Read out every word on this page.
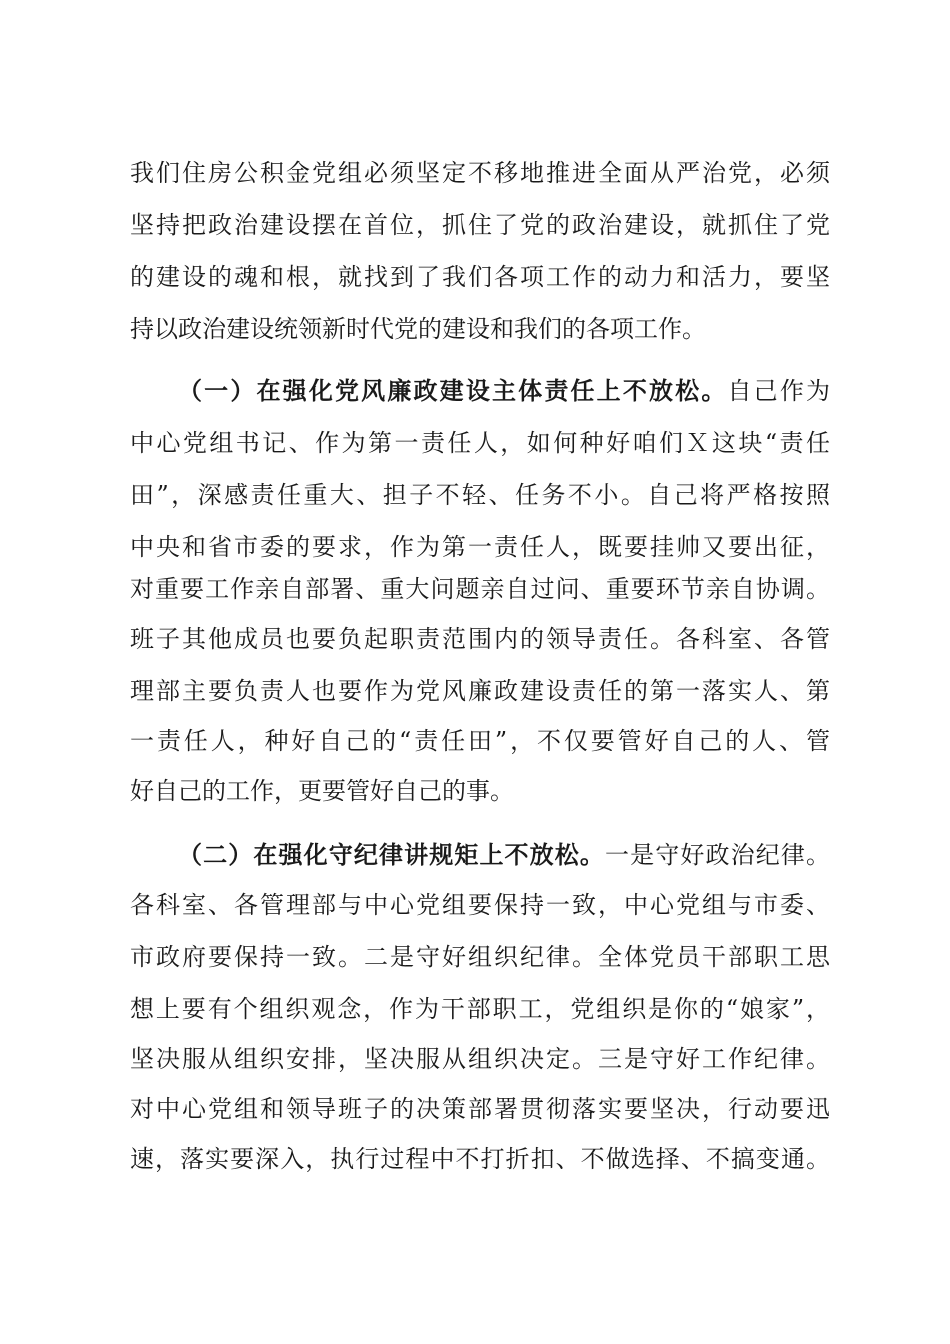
我们住房公积金党组必须坚定不移地推进全面从严治党，必须
坚持把政治建设摆在首位，抓住了党的政治建设，就抓住了党
的建设的魂和根，就找到了我们各项工作的动力和活力，要坚
持以政治建设统领新时代党的建设和我们的各项工作。
（一）在强化党风廉政建设主体责任上不放松。自己作为
中心党组书记、作为第一责任人，如何种好咱们Ｘ这块“责任
田”，深感责任重大、担子不轻、任务不小。自己将严格按照
中央和省市委的要求，作为第一责任人，既要挂帅又要出征，
对重要工作亲自部署、重大问题亲自过问、重要环节亲自协调。
班子其他成员也要负起职责范围内的领导责任。各科室、各管
理部主要负责人也要作为党风廉政建设责任的第一落实人、第
一责任人，种好自己的“责任田”，不仅要管好自己的人、管
好自己的工作，更要管好自己的事。
（二）在强化守纪律讲规矩上不放松。一是守好政治纪律。
各科室、各管理部与中心党组要保持一致，中心党组与市委、
市政府要保持一致。二是守好组织纪律。全体党员干部职工思
想上要有个组织观念，作为干部职工，党组织是你的“娘家”，
坚决服从组织安排，坚决服从组织决定。三是守好工作纪律。
对中心党组和领导班子的决策部署贯彻落实要坚决，行动要迅
速，落实要深入，执行过程中不打折扣、不做选择、不搞变通。
